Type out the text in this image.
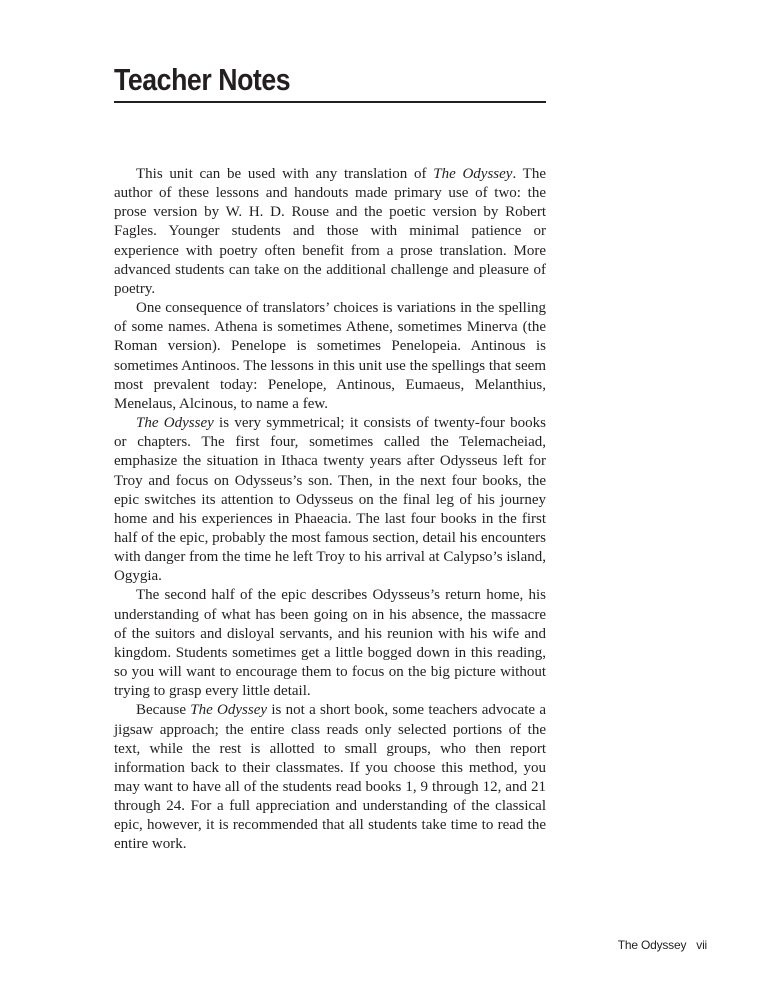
Teacher Notes

This unit can be used with any translation of The Odyssey. The author of these lessons and handouts made primary use of two: the prose version by W. H. D. Rouse and the poetic version by Robert Fagles. Younger students and those with minimal patience or experience with poetry often benefit from a prose translation. More advanced students can take on the additional challenge and pleasure of poetry.

One consequence of translators’ choices is variations in the spelling of some names. Athena is sometimes Athene, sometimes Minerva (the Roman version). Penelope is sometimes Penelopeia. Antinous is sometimes Antinoos. The lessons in this unit use the spellings that seem most prevalent today: Penelope, Antinous, Eumaeus, Melanthius, Menelaus, Alcinous, to name a few.

The Odyssey is very symmetrical; it consists of twenty-four books or chapters. The first four, sometimes called the Telemacheiad, emphasize the situation in Ithaca twenty years after Odysseus left for Troy and focus on Odysseus’s son. Then, in the next four books, the epic switches its attention to Odysseus on the final leg of his journey home and his experiences in Phaeacia. The last four books in the first half of the epic, probably the most famous section, detail his encounters with danger from the time he left Troy to his arrival at Calypso’s island, Ogygia.

The second half of the epic describes Odysseus’s return home, his understanding of what has been going on in his absence, the massacre of the suitors and disloyal servants, and his reunion with his wife and kingdom. Students sometimes get a little bogged down in this reading, so you will want to encourage them to focus on the big picture without trying to grasp every little detail.

Because The Odyssey is not a short book, some teachers advocate a jigsaw approach; the entire class reads only selected portions of the text, while the rest is allotted to small groups, who then report information back to their classmates. If you choose this method, you may want to have all of the students read books 1, 9 through 12, and 21 through 24. For a full appreciation and understanding of the classical epic, however, it is recommended that all students take time to read the entire work.

The Odyssey vii
